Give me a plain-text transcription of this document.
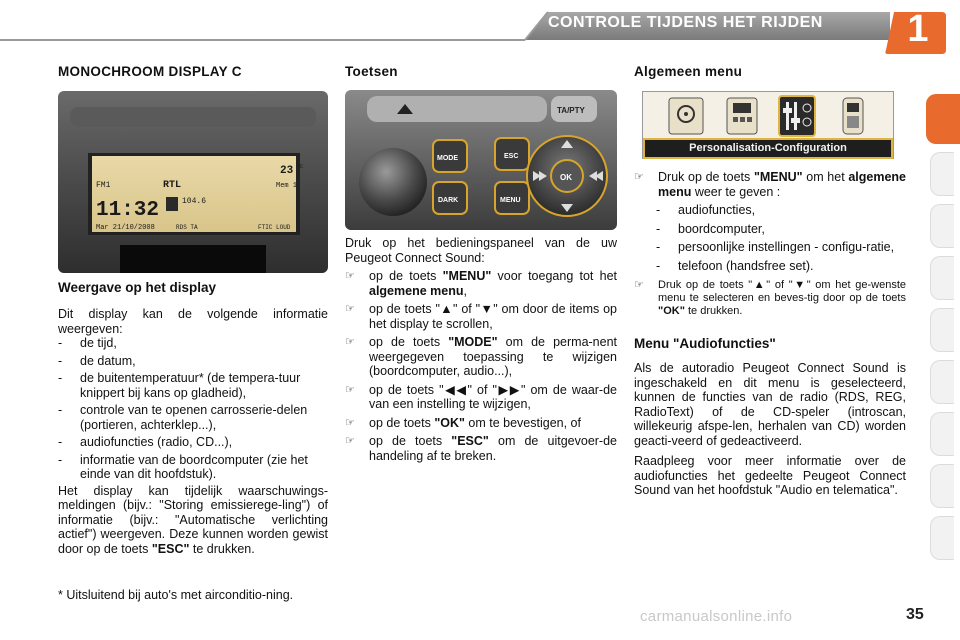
CONTROLE TIJDENS HET RIJDEN 1
MONOCHROOM DISPLAY C
23 °c
FM1	RTL	Mem 1
11:32	104.6
Mar 21/10/2008	RDS TA	FTIC LOUD
Weergave op het display

Dit display kan de volgende informatie weergeven:

-	de tijd,
-	de datum,
-	de buitentemperatuur* (de tempera-tuur knippert bij kans op gladheid),
-	controle van te openen carrosserie-delen (portieren, achterklep...),
-	audiofuncties (radio, CD...),
-	informatie van de boordcomputer (zie het einde van dit hoofdstuk).

Het display kan tijdelijk waarschuwings-meldingen (bijv.: "Storing emissierege-ling") of informatie (bijv.: "Automatische verlichting actief") weergeven. Deze kunnen worden gewist door op de toets "ESC" te drukken.

* Uitsluitend bij auto's met airconditio-ning.
Toetsen
TA/PTY
MODE
DARK
ESC
MENU
OK

Druk op het bedieningspaneel van de uw Peugeot Connect Sound:

☞	op de toets "MENU" voor toegang tot het algemene menu,
☞	op de toets "▲" of "▼" om door de items op het display te scrollen,
☞	op de toets "MODE" om de perma-nent weergegeven toepassing te wijzigen (boordcomputer, audio...),
☞	op de toets "◀◀" of "▶▶" om de waar-de van een instelling te wijzigen,
☞	op de toets "OK" om te bevestigen, of
☞	op de toets "ESC" om de uitgevoer-de handeling af te breken.
Algemeen menu
Personalisation-Configuration
☞	Druk op de toets "MENU" om het algemene menu weer te geven :
-	audiofuncties,
-	boordcomputer,
-	persoonlijke instellingen - configu-ratie,
-	telefoon (handsfree set).
☞	Druk op de toets "▲" of "▼" om het ge-wenste menu te selecteren en beves-tig door op de toets "OK" te drukken.
Menu "Audiofuncties"

Als de autoradio Peugeot Connect Sound is ingeschakeld en dit menu is geselecteerd, kunnen de functies van de radio (RDS, REG, RadioText) of de CD-speler (introscan, willekeurig afspe-len, herhalen van CD) worden geacti-veerd of gedeactiveerd.

Raadpleeg voor meer informatie over de audiofuncties het gedeelte Peugeot Connect Sound van het hoofdstuk "Audio en telematica".

carmanualsonline.info	35
